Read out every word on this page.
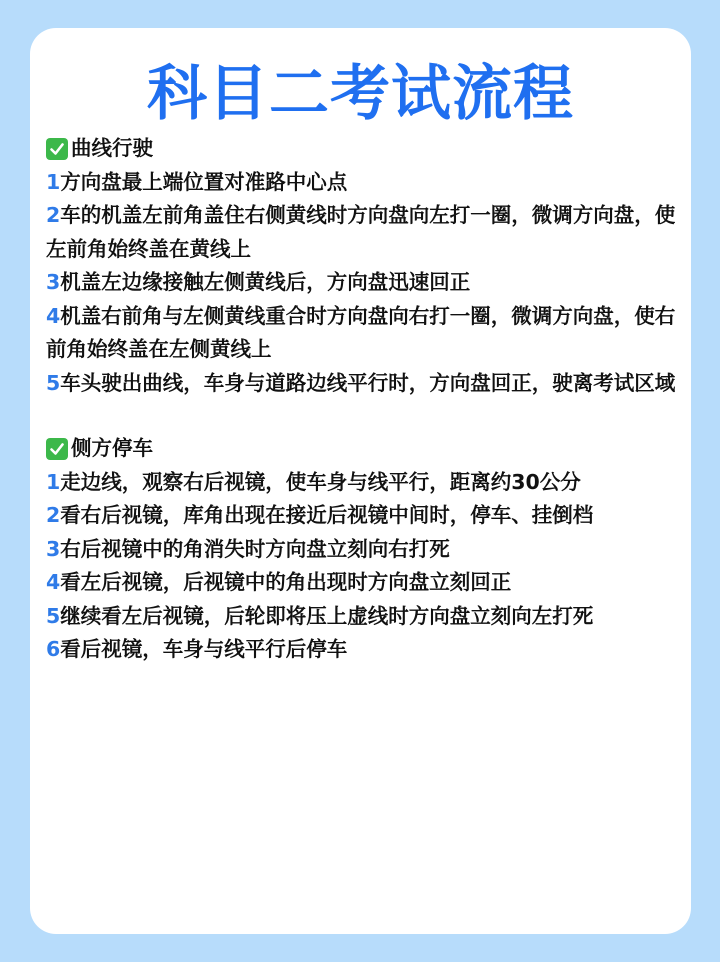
科目二考试流程
曲线行驶
1方向盘最上端位置对准路中心点
2车的机盖左前角盖住右侧黄线时方向盘向左打一圈，微调方向盘，使左前角始终盖在黄线上
3机盖左边缘接触左侧黄线后，方向盘迅速回正
4机盖右前角与左侧黄线重合时方向盘向右打一圈，微调方向盘，使右前角始终盖在左侧黄线上
5车头驶出曲线，车身与道路边线平行时，方向盘回正，驶离考试区域
侧方停车
1走边线，观察右后视镜，使车身与线平行，距离约30公分
2看右后视镜，库角出现在接近后视镜中间时，停车、挂倒档
3右后视镜中的角消失时方向盘立刻向右打死
4看左后视镜，后视镜中的角出现时方向盘立刻回正
5继续看左后视镜，后轮即将压上虚线时方向盘立刻向左打死
6看后视镜，车身与线平行后停车
